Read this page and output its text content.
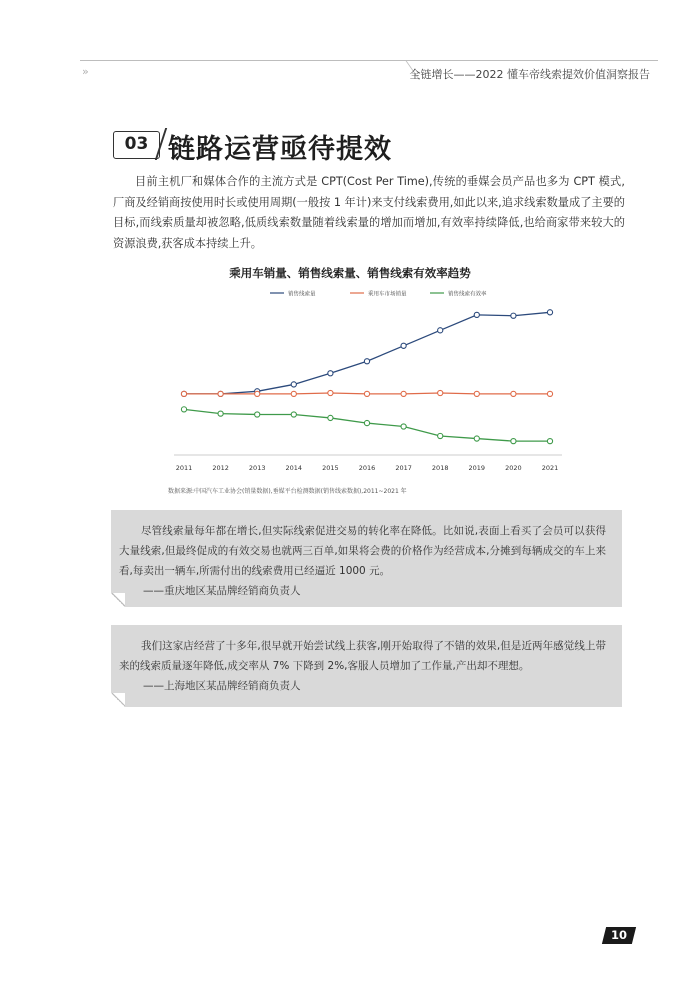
››	全链增长——2022 懂车帝线索提效价值洞察报告
03 链路运营亟待提效
目前主机厂和媒体合作的主流方式是 CPT(Cost Per Time),传统的垂媒会员产品也多为 CPT 模式,厂商及经销商按使用时长或使用周期(一般按 1 年计)来支付线索费用,如此以来,追求线索数量成了主要的目标,而线索质量却被忽略,低质线索数量随着线索量的增加而增加,有效率持续降低,也给商家带来较大的资源浪费,获客成本持续上升。
乘用车销量、销售线索量、销售线索有效率趋势
销售线索量	乘用车市场销量	销售线索有效率
2011	2012	2013	2014	2015	2016	2017	2018	2019	2020	2021
数据来源:中国汽车工业协会(销量数据),垂媒平台检测数据(销售线索数据),2011~2021 年
尽管线索量每年都在增长,但实际线索促进交易的转化率在降低。比如说,表面上看买了会员可以获得大量线索,但最终促成的有效交易也就两三百单,如果将会费的价格作为经营成本,分摊到每辆成交的车上来看,每卖出一辆车,所需付出的线索费用已经逼近 1000 元。
——重庆地区某品牌经销商负责人
我们这家店经营了十多年,很早就开始尝试线上获客,刚开始取得了不错的效果,但是近两年感觉线上带来的线索质量逐年降低,成交率从 7% 下降到 2%,客服人员增加了工作量,产出却不理想。
——上海地区某品牌经销商负责人
10
